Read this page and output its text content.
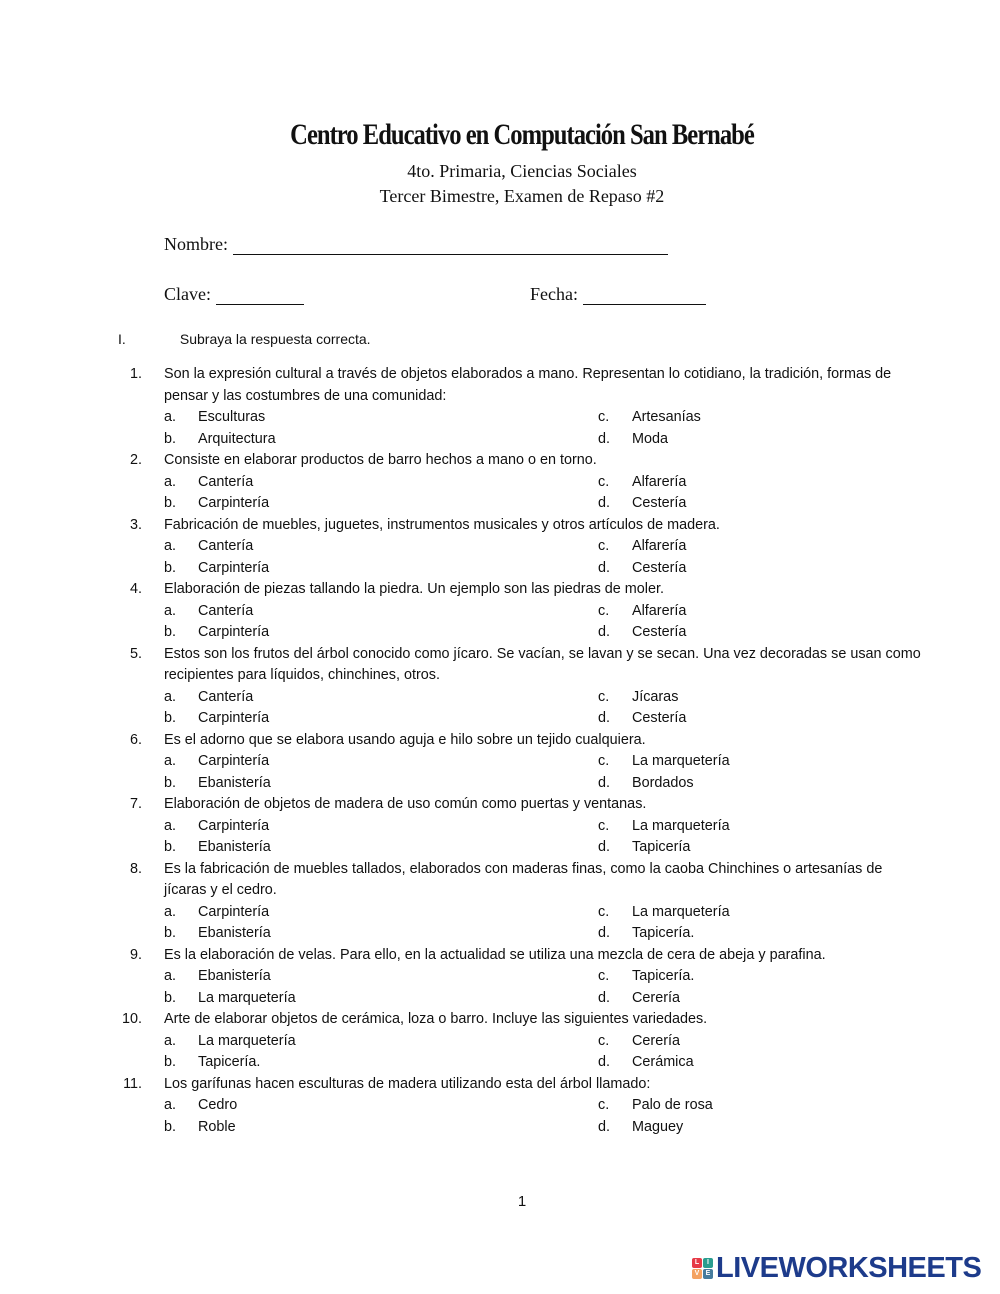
Centro Educativo en Computación San Bernabé
4to. Primaria, Ciencias Sociales
Tercer Bimestre, Examen de Repaso #2
Nombre:
Clave:	Fecha:
I.	Subraya la respuesta correcta.
1. Son la expresión cultural a través de objetos elaborados a mano. Representan lo cotidiano, la tradición, formas de pensar y las costumbres de una comunidad:
a. Esculturas	c. Artesanías
b. Arquitectura	d. Moda
2. Consiste en elaborar productos de barro hechos a mano o en torno.
a. Cantería	c. Alfarería
b. Carpintería	d. Cestería
3. Fabricación de muebles, juguetes, instrumentos musicales y otros artículos de madera.
a. Cantería	c. Alfarería
b. Carpintería	d. Cestería
4. Elaboración de piezas tallando la piedra. Un ejemplo son las piedras de moler.
a. Cantería	c. Alfarería
b. Carpintería	d. Cestería
5. Estos son los frutos del árbol conocido como jícaro. Se vacían, se lavan y se secan. Una vez decoradas se usan como recipientes para líquidos, chinchines, otros.
a. Cantería	c. Jícaras
b. Carpintería	d. Cestería
6. Es el adorno que se elabora usando aguja e hilo sobre un tejido cualquiera.
a. Carpintería	c. La marquetería
b. Ebanistería	d. Bordados
7. Elaboración de objetos de madera de uso común como puertas y ventanas.
a. Carpintería	c. La marquetería
b. Ebanistería	d. Tapicería
8. Es la fabricación de muebles tallados, elaborados con maderas finas, como la caoba Chinchines o artesanías de jícaras y el cedro.
a. Carpintería	c. La marquetería
b. Ebanistería	d. Tapicería.
9. Es la elaboración de velas. Para ello, en la actualidad se utiliza una mezcla de cera de abeja y parafina.
a. Ebanistería	c. Tapicería.
b. La marquetería	d. Cerería
10. Arte de elaborar objetos de cerámica, loza o barro. Incluye las siguientes variedades.
a. La marquetería	c. Cerería
b. Tapicería.	d. Cerámica
11. Los garífunas hacen esculturas de madera utilizando esta del árbol llamado:
a. Cedro	c. Palo de rosa
b. Roble	d. Maguey
1
L	I
V E LIVEWORKSHEETS
